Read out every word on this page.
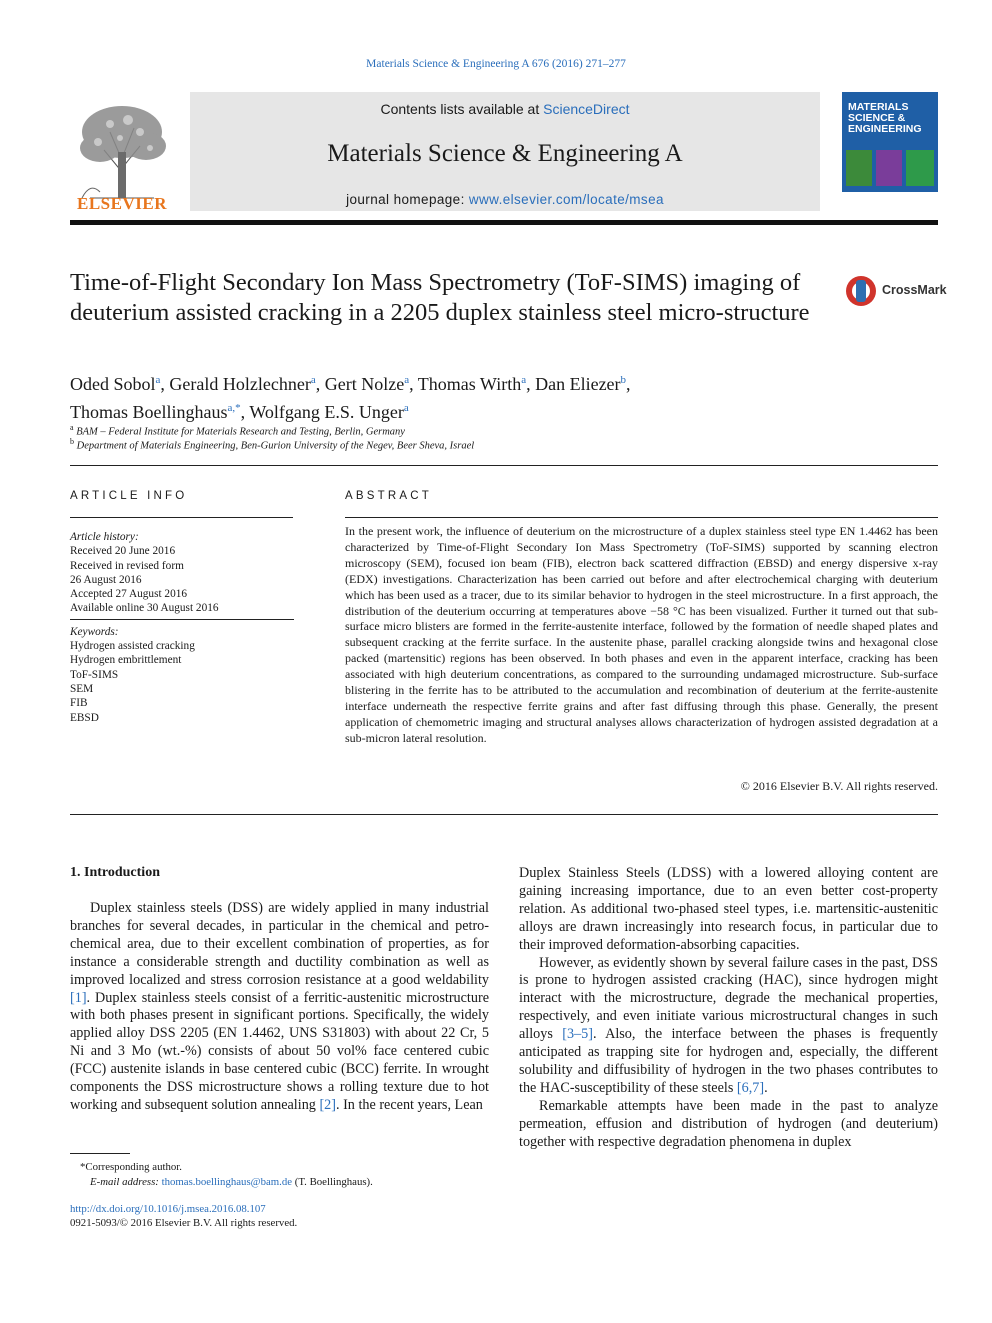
Materials Science & Engineering A 676 (2016) 271–277
ELSEVIER
Contents lists available at ScienceDirect
Materials Science & Engineering A
journal homepage: www.elsevier.com/locate/msea
MATERIALS SCIENCE & ENGINEERING
Time-of-Flight Secondary Ion Mass Spectrometry (ToF-SIMS) imaging of deuterium assisted cracking in a 2205 duplex stainless steel micro-structure
CrossMark
Oded Sobol$^a$, Gerald Holzlechner$^a$, Gert Nolze$^a$, Thomas Wirth$^a$, Dan Eliezer$^b$,
Thomas Boellinghaus$^{a,*}$, Wolfgang E.S. Unger$^a$
$^a$ BAM – Federal Institute for Materials Research and Testing, Berlin, Germany
$^b$ Department of Materials Engineering, Ben-Gurion University of the Negev, Beer Sheva, Israel
ARTICLE INFO
Article history:
Received 20 June 2016
Received in revised form
26 August 2016
Accepted 27 August 2016
Available online 30 August 2016
Keywords:
Hydrogen assisted cracking
Hydrogen embrittlement
ToF-SIMS
SEM
FIB
EBSD
ABSTRACT
In the present work, the influence of deuterium on the microstructure of a duplex stainless steel type EN 1.4462 has been characterized by Time-of-Flight Secondary Ion Mass Spectrometry (ToF-SIMS) supported by scanning electron microscopy (SEM), focused ion beam (FIB), electron back scattered diffraction (EBSD) and energy dispersive x-ray (EDX) investigations. Characterization has been carried out before and after electrochemical charging with deuterium which has been used as a tracer, due to its similar behavior to hydrogen in the steel microstructure. In a first approach, the distribution of the deuterium occurring at temperatures above −58 °C has been visualized. Further it turned out that sub-surface micro blisters are formed in the ferrite-austenite interface, followed by the formation of needle shaped plates and subsequent cracking at the ferrite surface. In the austenite phase, parallel cracking alongside twins and hexagonal close packed (martensitic) regions has been observed. In both phases and even in the apparent interface, cracking has been associated with high deuterium concentrations, as compared to the surrounding undamaged microstructure. Sub-surface blistering in the ferrite has to be attributed to the accumulation and recombination of deuterium at the ferrite-austenite interface underneath the respective ferrite grains and after fast diffusing through this phase. Generally, the present application of chemometric imaging and structural analyses allows characterization of hydrogen assisted degradation at a sub-micron lateral resolution.
© 2016 Elsevier B.V. All rights reserved.
1. Introduction

Duplex stainless steels (DSS) are widely applied in many industrial branches for several decades, in particular in the chemical and petro-chemical area, due to their excellent combination of properties, as for instance a considerable strength and ductility combination as well as improved localized and stress corrosion resistance at a good weldability [1]. Duplex stainless steels consist of a ferritic-austenitic microstructure with both phases present in significant portions. Specifically, the widely applied alloy DSS 2205 (EN 1.4462, UNS S31803) with about 22 Cr, 5 Ni and 3 Mo (wt.-%) consists of about 50 vol% face centered cubic (FCC) austenite islands in base centered cubic (BCC) ferrite. In wrought components the DSS microstructure shows a rolling texture due to hot working and subsequent solution annealing [2]. In the recent years, Lean

Duplex Stainless Steels (LDSS) with a lowered alloying content are gaining increasing importance, due to an even better cost-property relation. As additional two-phased steel types, i.e. martensitic-austenitic alloys are drawn increasingly into research focus, in particular due to their improved deformation-absorbing capacities.

However, as evidently shown by several failure cases in the past, DSS is prone to hydrogen assisted cracking (HAC), since hydrogen might interact with the microstructure, degrade the mechanical properties, respectively, and even initiate various microstructural changes in such alloys [3–5]. Also, the interface between the phases is frequently anticipated as trapping site for hydrogen and, especially, the different solubility and diffusibility of hydrogen in the two phases contributes to the HAC-susceptibility of these steels [6,7].

Remarkable attempts have been made in the past to analyze permeation, effusion and distribution of hydrogen (and deuterium) together with respective degradation phenomena in duplex

*Corresponding author.
E-mail address: thomas.boellinghaus@bam.de (T. Boellinghaus).
http://dx.doi.org/10.1016/j.msea.2016.08.107
0921-5093/© 2016 Elsevier B.V. All rights reserved.
